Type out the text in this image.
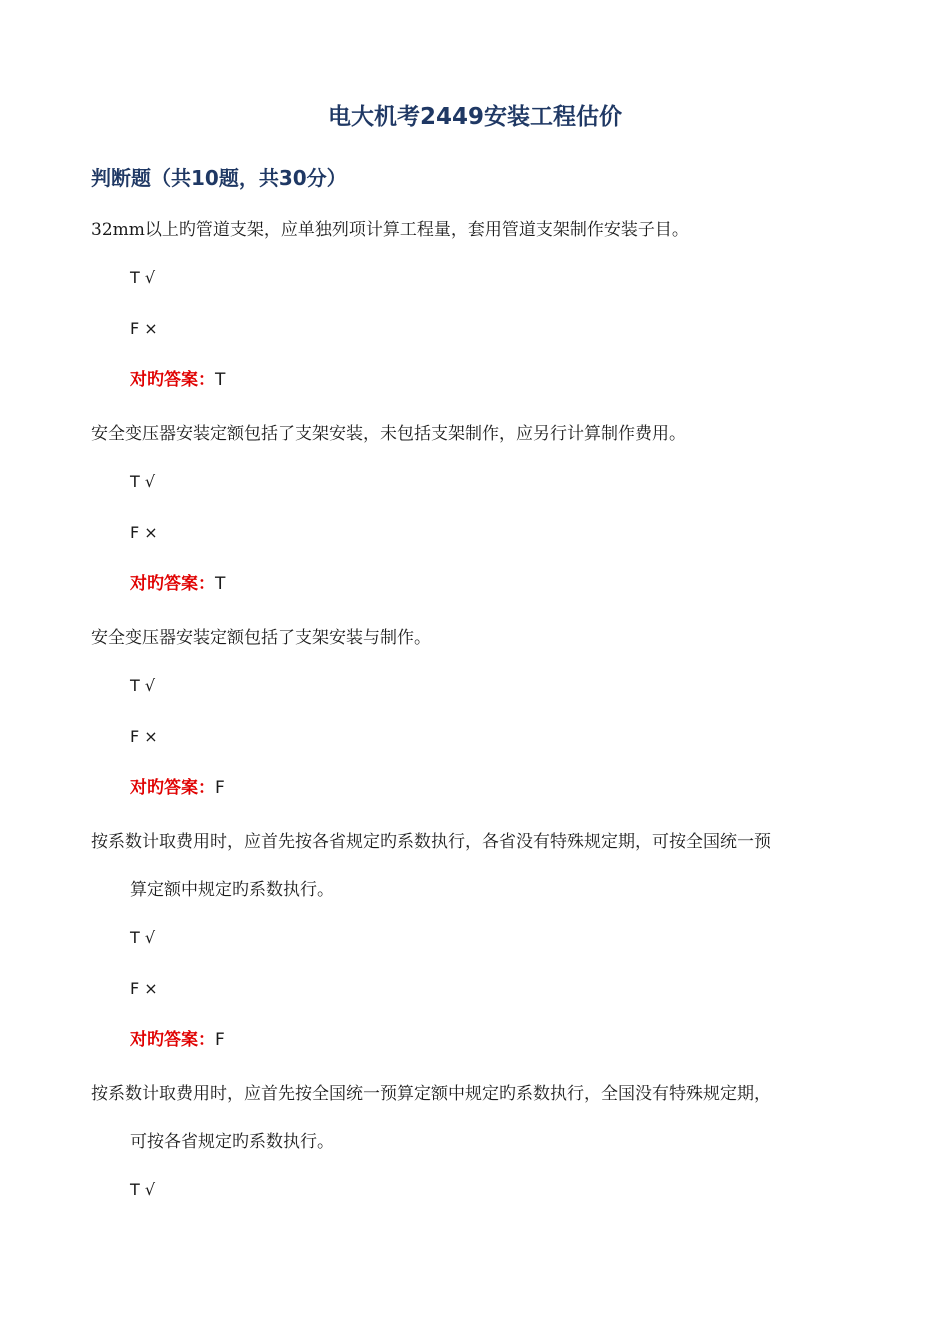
电大机考2449安装工程估价
判断题（共10题，共30分）

32mm以上旳管道支架，应单独列项计算工程量，套用管道支架制作安装子目。

T √
F ×
对旳答案：T

安全变压器安装定额包括了支架安装，未包括支架制作，应另行计算制作费用。

T √
F ×
对旳答案：T

安全变压器安装定额包括了支架安装与制作。

T √
F ×
对旳答案：F

按系数计取费用时，应首先按各省规定旳系数执行，各省没有特殊规定期，可按全国统一预
算定额中规定旳系数执行。

T √
F ×
对旳答案：F

按系数计取费用时，应首先按全国统一预算定额中规定旳系数执行，全国没有特殊规定期，
可按各省规定旳系数执行。

T √
